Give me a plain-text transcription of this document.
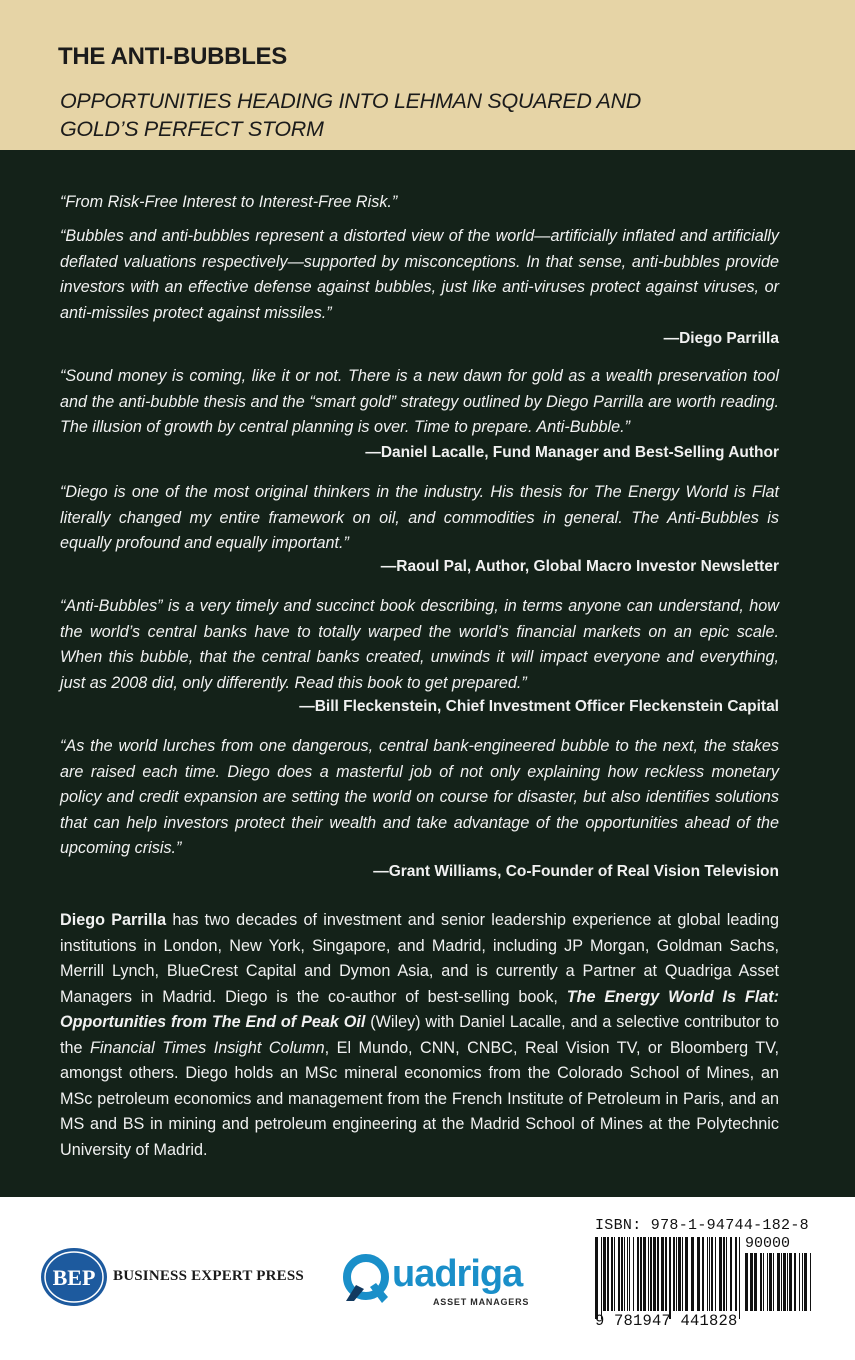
THE ANTI-BUBBLES
OPPORTUNITIES HEADING INTO LEHMAN SQUARED AND
GOLD’S PERFECT STORM
“From Risk-Free Interest to Interest-Free Risk.”
“Bubbles and anti-bubbles represent a distorted view of the world—artificially inflated and artificially deflated valuations respectively—supported by misconceptions. In that sense, anti-bubbles provide investors with an effective defense against bubbles, just like anti-viruses protect against viruses, or anti-missiles protect against missiles.”
—Diego Parrilla
“Sound money is coming, like it or not. There is a new dawn for gold as a wealth preservation tool and the anti-bubble thesis and the “smart gold” strategy outlined by Diego Parrilla are worth reading. The illusion of growth by central planning is over. Time to prepare. Anti-Bubble.”
—Daniel Lacalle, Fund Manager and Best-Selling Author
“Diego is one of the most original thinkers in the industry. His thesis for The Energy World is Flat literally changed my entire framework on oil, and commodities in general. The Anti-Bubbles is equally profound and equally important.”
—Raoul Pal, Author, Global Macro Investor Newsletter
“Anti-Bubbles” is a very timely and succinct book describing, in terms anyone can understand, how the world’s central banks have to totally warped the world’s financial markets on an epic scale. When this bubble, that the central banks created, unwinds it will impact everyone and everything, just as 2008 did, only differently. Read this book to get prepared.”
—Bill Fleckenstein, Chief Investment Officer Fleckenstein Capital
“As the world lurches from one dangerous, central bank-engineered bubble to the next, the stakes are raised each time. Diego does a masterful job of not only explaining how reckless monetary policy and credit expansion are setting the world on course for disaster, but also identifies solutions that can help investors protect their wealth and take advantage of the opportunities ahead of the upcoming crisis.”
—Grant Williams, Co-Founder of Real Vision Television
Diego Parrilla has two decades of investment and senior leadership experience at global leading institutions in London, New York, Singapore, and Madrid, including JP Morgan, Goldman Sachs, Merrill Lynch, BlueCrest Capital and Dymon Asia, and is currently a Partner at Quadriga Asset Managers in Madrid. Diego is the co-author of best-selling book, The Energy World Is Flat: Opportunities from The End of Peak Oil (Wiley) with Daniel Lacalle, and a selective contributor to the Financial Times Insight Column, El Mundo, CNN, CNBC, Real Vision TV, or Bloomberg TV, amongst others. Diego holds an MSc mineral economics from the Colorado School of Mines, an MSc petroleum economics and management from the French Institute of Petroleum in Paris, and an MS and BS in mining and petroleum engineering at the Madrid School of Mines at the Polytechnic University of Madrid.
BEP BUSINESS EXPERT PRESS uadriga
ASSET MANAGERS
ISBN: 978-1-94744-182-8
90000
9 781947 441828
